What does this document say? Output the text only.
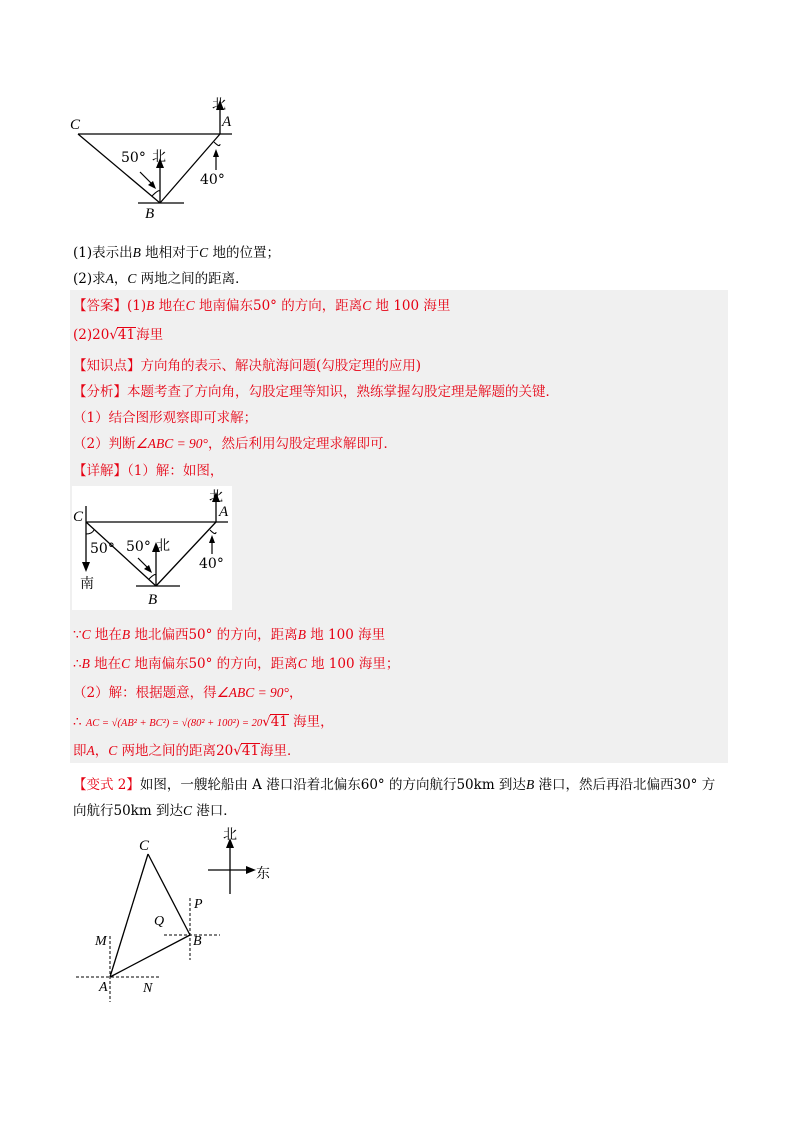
C	A
B
北
北
50°
40°
(1)表示出B 地相对于C 地的位置；
(2)求A，C 两地之间的距离．
【答案】(1)B 地在C 地南偏东50° 的方向，距离C 地 100 海里
(2)20√41海里
【知识点】方向角的表示、解决航海问题(勾股定理的应用)
【分析】本题考查了方向角，勾股定理等知识，熟练掌握勾股定理是解题的关键．
（1）结合图形观察即可求解；
（2）判断∠ABC = 90°，然后利用勾股定理求解即可．
【详解】（1）解：如图，
C	A
B
北
北
南
50° 50°
40°
∵C 地在B 地北偏西50° 的方向，距离B 地 100 海里
∴B 地在C 地南偏东50° 的方向，距离C 地 100 海里；
（2）解：根据题意，得∠ABC = 90°，
∴ AC = √(AB² + BC²) = √(80² + 100²) = 20√41 海里，
即A，C 两地之间的距离20√41海里．
【变式 2】如图，一艘轮船由 A 港口沿着北偏东60° 的方向航行50km 到达B 港口，然后再沿北偏西30° 方
向航行50km 到达C 港口．
C
P
Q
B
M
A	N
北
东
